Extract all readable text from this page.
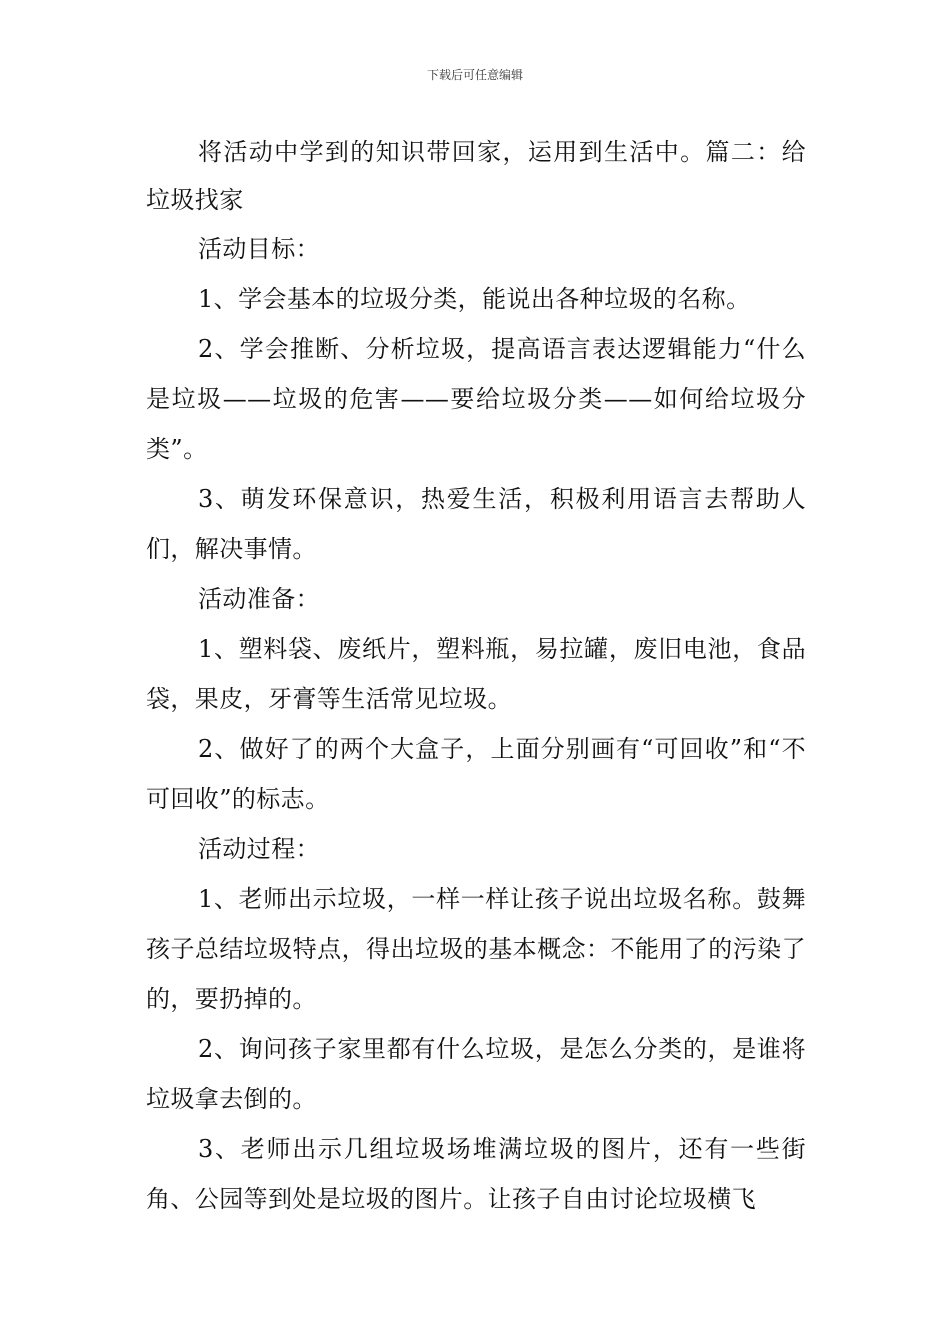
下载后可任意编辑

将活动中学到的知识带回家，运用到生活中。篇二：给垃圾找家

活动目标：

1、学会基本的垃圾分类，能说出各种垃圾的名称。

2、学会推断、分析垃圾，提高语言表达逻辑能力“什么是垃圾——垃圾的危害——要给垃圾分类——如何给垃圾分类”。

3、萌发环保意识，热爱生活，积极利用语言去帮助人们，解决事情。

活动准备：

1、塑料袋、废纸片，塑料瓶，易拉罐，废旧电池，食品袋，果皮，牙膏等生活常见垃圾。

2、做好了的两个大盒子，上面分别画有“可回收”和“不可回收”的标志。

活动过程：

1、老师出示垃圾，一样一样让孩子说出垃圾名称。鼓舞孩子总结垃圾特点，得出垃圾的基本概念：不能用了的污染了的，要扔掉的。

2、询问孩子家里都有什么垃圾，是怎么分类的，是谁将垃圾拿去倒的。

3、老师出示几组垃圾场堆满垃圾的图片，还有一些街角、公园等到处是垃圾的图片。让孩子自由讨论垃圾横飞
